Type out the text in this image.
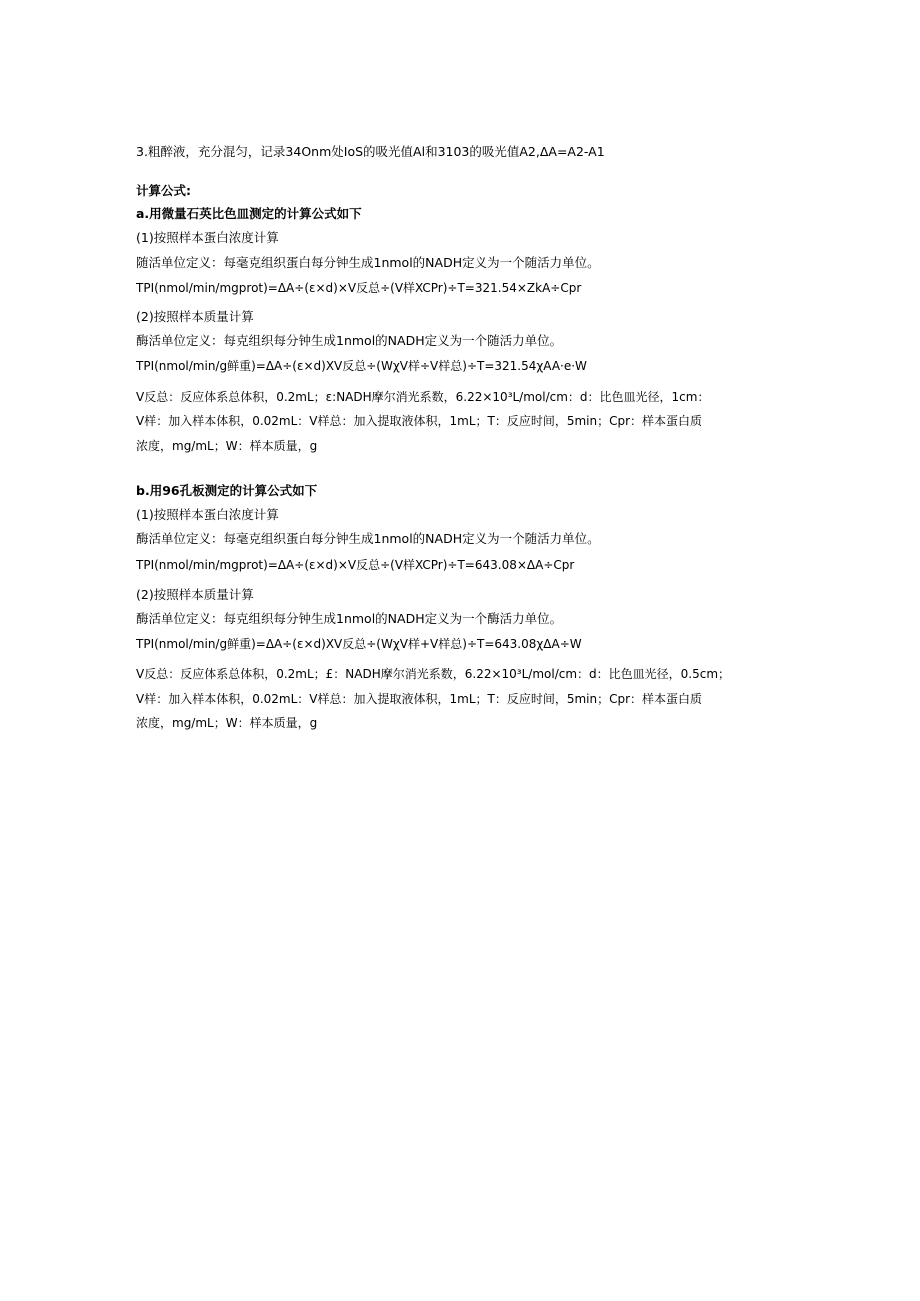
3.粗醉液，充分混匀，记录34Onm处IoS的吸光值Al和3103的吸光值A2,ΔA=A2-A1
计算公式:
a.用微量石英比色皿测定的计算公式如下
(1)按照样本蛋白浓度计算
随活单位定义：每毫克组织蛋白每分钟生成1nmol的NADH定义为一个随活力单位。
TPI(nmol/min/mgprot)=ΔA÷(ε×d)×V反总÷(V样XCPr)÷T=321.54×ZkA÷Cpr
(2)按照样本质量计算
酶活单位定义：每克组织每分钟生成1nmol的NADH定义为一个随活力单位。
TPI(nmol/min/g鲜重)=ΔA÷(ε×d)XV反总÷(WχV样÷V样总)÷T=321.54χAA·e·W
V反总：反应体系总体积，0.2mL；ε:NADH摩尔消光系数，6.22×10³L/mol/cm：d：比色皿光径，1cm：
V样：加入样本体积，0.02mL：V样总：加入提取液体积，1mL；T：反应时间，5min；Cpr：样本蛋白质
浓度，mg/mL；W：样本质量，g
b.用96孔板测定的计算公式如下
(1)按照样本蛋白浓度计算
酶活单位定义：每毫克组织蛋白每分钟生成1nmol的NADH定义为一个随活力单位。
TPI(nmol/min/mgprot)=ΔA÷(ε×d)×V反总÷(V样XCPr)÷T=643.08×ΔA÷Cpr
(2)按照样本质量计算
酶活单位定义：每克组织每分钟生成1nmol的NADH定义为一个酶活力单位。
TPI(nmol/min/g鲜重)=ΔA÷(ε×d)XV反总÷(WχV样+V样总)÷T=643.08χΔA÷W
V反总：反应体系总体积，0.2mL；£：NADH摩尔消光系数，6.22×10³L/mol/cm：d：比色皿光径，0.5cm；
V样：加入样本体积，0.02mL：V样总：加入提取液体积，1mL；T：反应时间，5min；Cpr：样本蛋白质
浓度，mg/mL；W：样本质量，g
